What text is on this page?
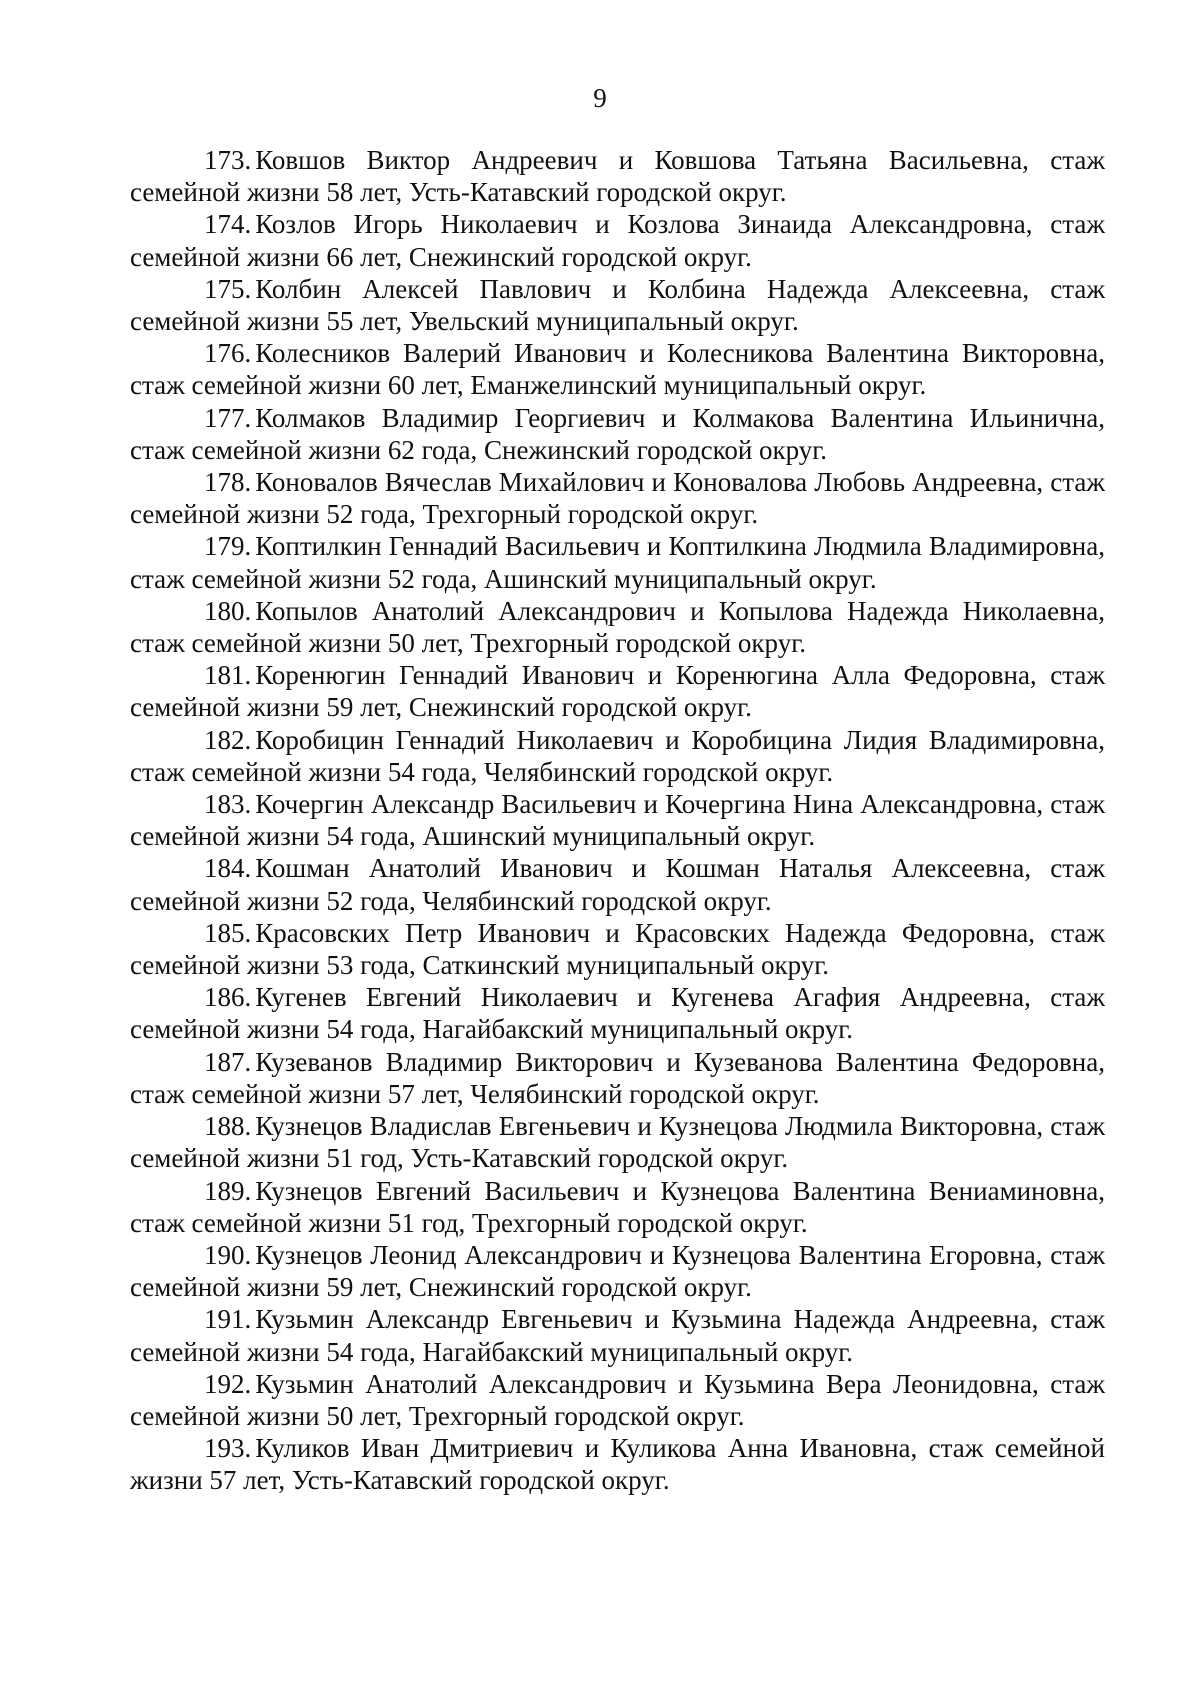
9

173. Ковшов Виктор Андреевич и Ковшова Татьяна Васильевна, стаж семейной жизни 58 лет, Усть-Катавский городской округ.

174. Козлов Игорь Николаевич и Козлова Зинаида Александровна, стаж семейной жизни 66 лет, Снежинский городской округ.

175. Колбин Алексей Павлович и Колбина Надежда Алексеевна, стаж семейной жизни 55 лет, Увельский муниципальный округ.

176. Колесников Валерий Иванович и Колесникова Валентина Викторовна, стаж семейной жизни 60 лет, Еманжелинский муниципальный округ.

177. Колмаков Владимир Георгиевич и Колмакова Валентина Ильинична, стаж семейной жизни 62 года, Снежинский городской округ.

178. Коновалов Вячеслав Михайлович и Коновалова Любовь Андреевна, стаж семейной жизни 52 года, Трехгорный городской округ.

179. Коптилкин Геннадий Васильевич и Коптилкина Людмила Владимировна, стаж семейной жизни 52 года, Ашинский муниципальный округ.

180. Копылов Анатолий Александрович и Копылова Надежда Николаевна, стаж семейной жизни 50 лет, Трехгорный городской округ.

181. Коренюгин Геннадий Иванович и Коренюгина Алла Федоровна, стаж семейной жизни 59 лет, Снежинский городской округ.

182. Коробицин Геннадий Николаевич и Коробицина Лидия Владимировна, стаж семейной жизни 54 года, Челябинский городской округ.

183. Кочергин Александр Васильевич и Кочергина Нина Александровна, стаж семейной жизни 54 года, Ашинский муниципальный округ.

184. Кошман Анатолий Иванович и Кошман Наталья Алексеевна, стаж семейной жизни 52 года, Челябинский городской округ.

185. Красовских Петр Иванович и Красовских Надежда Федоровна, стаж семейной жизни 53 года, Саткинский муниципальный округ.

186. Кугенев Евгений Николаевич и Кугенева Агафия Андреевна, стаж семейной жизни 54 года, Нагайбакский муниципальный округ.

187. Кузеванов Владимир Викторович и Кузеванова Валентина Федоровна, стаж семейной жизни 57 лет, Челябинский городской округ.

188. Кузнецов Владислав Евгеньевич и Кузнецова Людмила Викторовна, стаж семейной жизни 51 год, Усть-Катавский городской округ.

189. Кузнецов Евгений Васильевич и Кузнецова Валентина Вениаминовна, стаж семейной жизни 51 год, Трехгорный городской округ.

190. Кузнецов Леонид Александрович и Кузнецова Валентина Егоровна, стаж семейной жизни 59 лет, Снежинский городской округ.

191. Кузьмин Александр Евгеньевич и Кузьмина Надежда Андреевна, стаж семейной жизни 54 года, Нагайбакский муниципальный округ.

192. Кузьмин Анатолий Александрович и Кузьмина Вера Леонидовна, стаж семейной жизни 50 лет, Трехгорный городской округ.

193. Куликов Иван Дмитриевич и Куликова Анна Ивановна, стаж семейной жизни 57 лет, Усть-Катавский городской округ.
